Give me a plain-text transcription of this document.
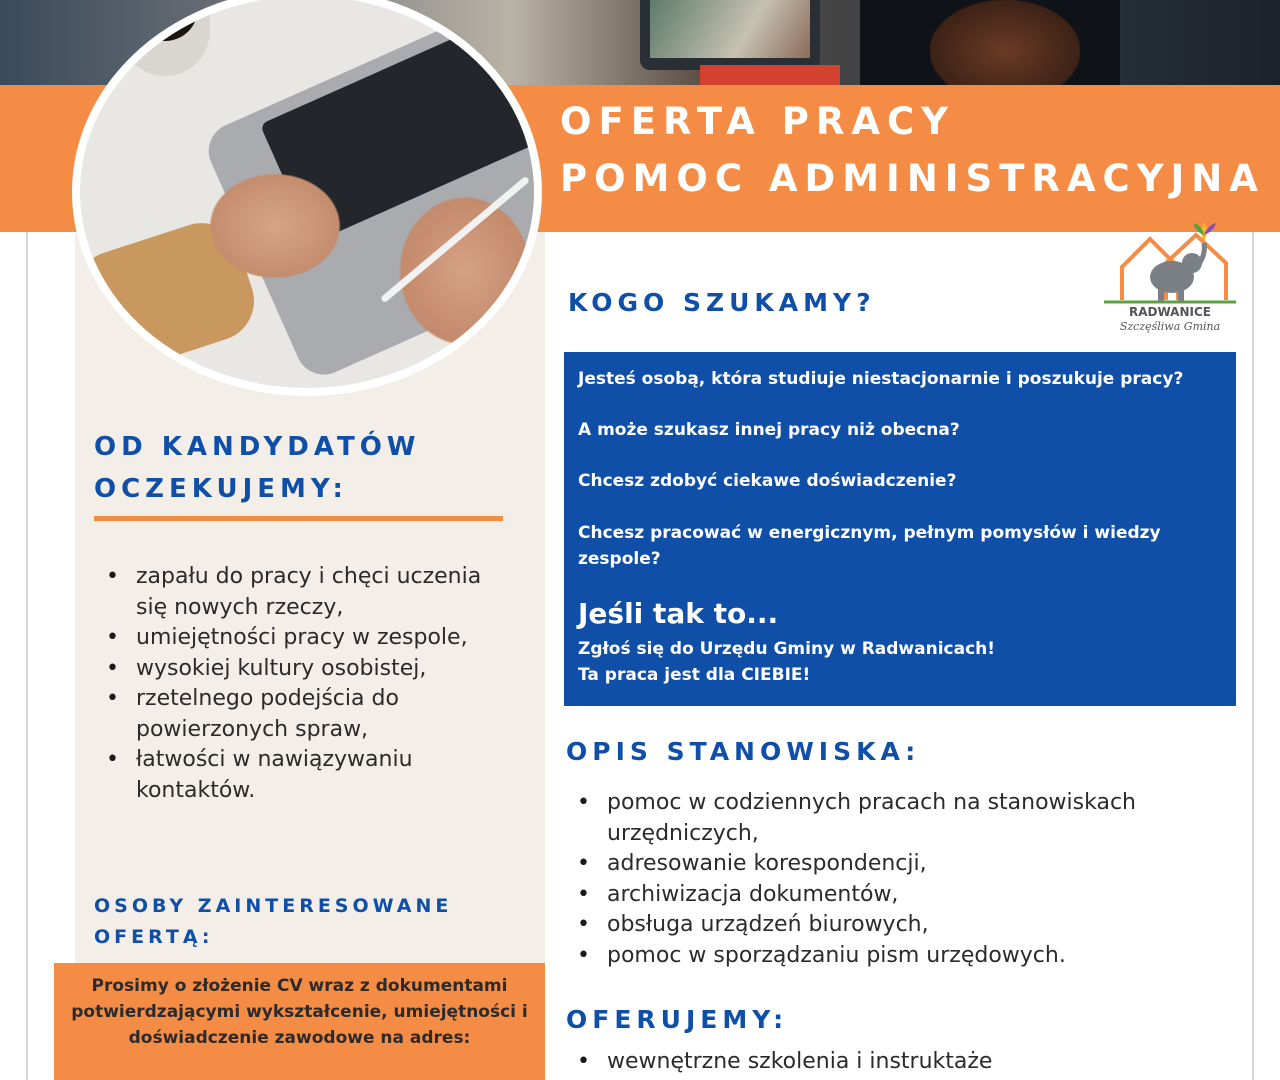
OFERTA PRACY
POMOC ADMINISTRACYJNA
RADWANICE
Szczęśliwa Gmina
KOGO SZUKAMY?

Jesteś osobą, która studiuje niestacjonarnie i poszukuje pracy?

A może szukasz innej pracy niż obecna?

Chcesz zdobyć ciekawe doświadczenie?

Chcesz pracować w energicznym, pełnym pomysłów i wiedzy zespole?

Jeśli tak to...

Zgłoś się do Urzędu Gminy w Radwanicach!

Ta praca jest dla CIEBIE!

OD KANDYDATÓW
OCZEKUJEMY:
• zapału do pracy i chęci uczenia się nowych rzeczy,
• umiejętności pracy w zespole,
• wysokiej kultury osobistej,
• rzetelnego podejścia do powierzonych spraw,
• łatwości w nawiązywaniu kontaktów.
OSOBY ZAINTERESOWANE
OFERTĄ:

Prosimy o złożenie CV wraz z dokumentami potwierdzającymi wykształcenie, umiejętności i doświadczenie zawodowe na adres:

OPIS STANOWISKA:
• pomoc w codziennych pracach na stanowiskach urzędniczych,
• adresowanie korespondencji,
• archiwizacja dokumentów,
• obsługa urządzeń biurowych,
• pomoc w sporządzaniu pism urzędowych.
OFERUJEMY:
• wewnętrzne szkolenia i instruktaże
